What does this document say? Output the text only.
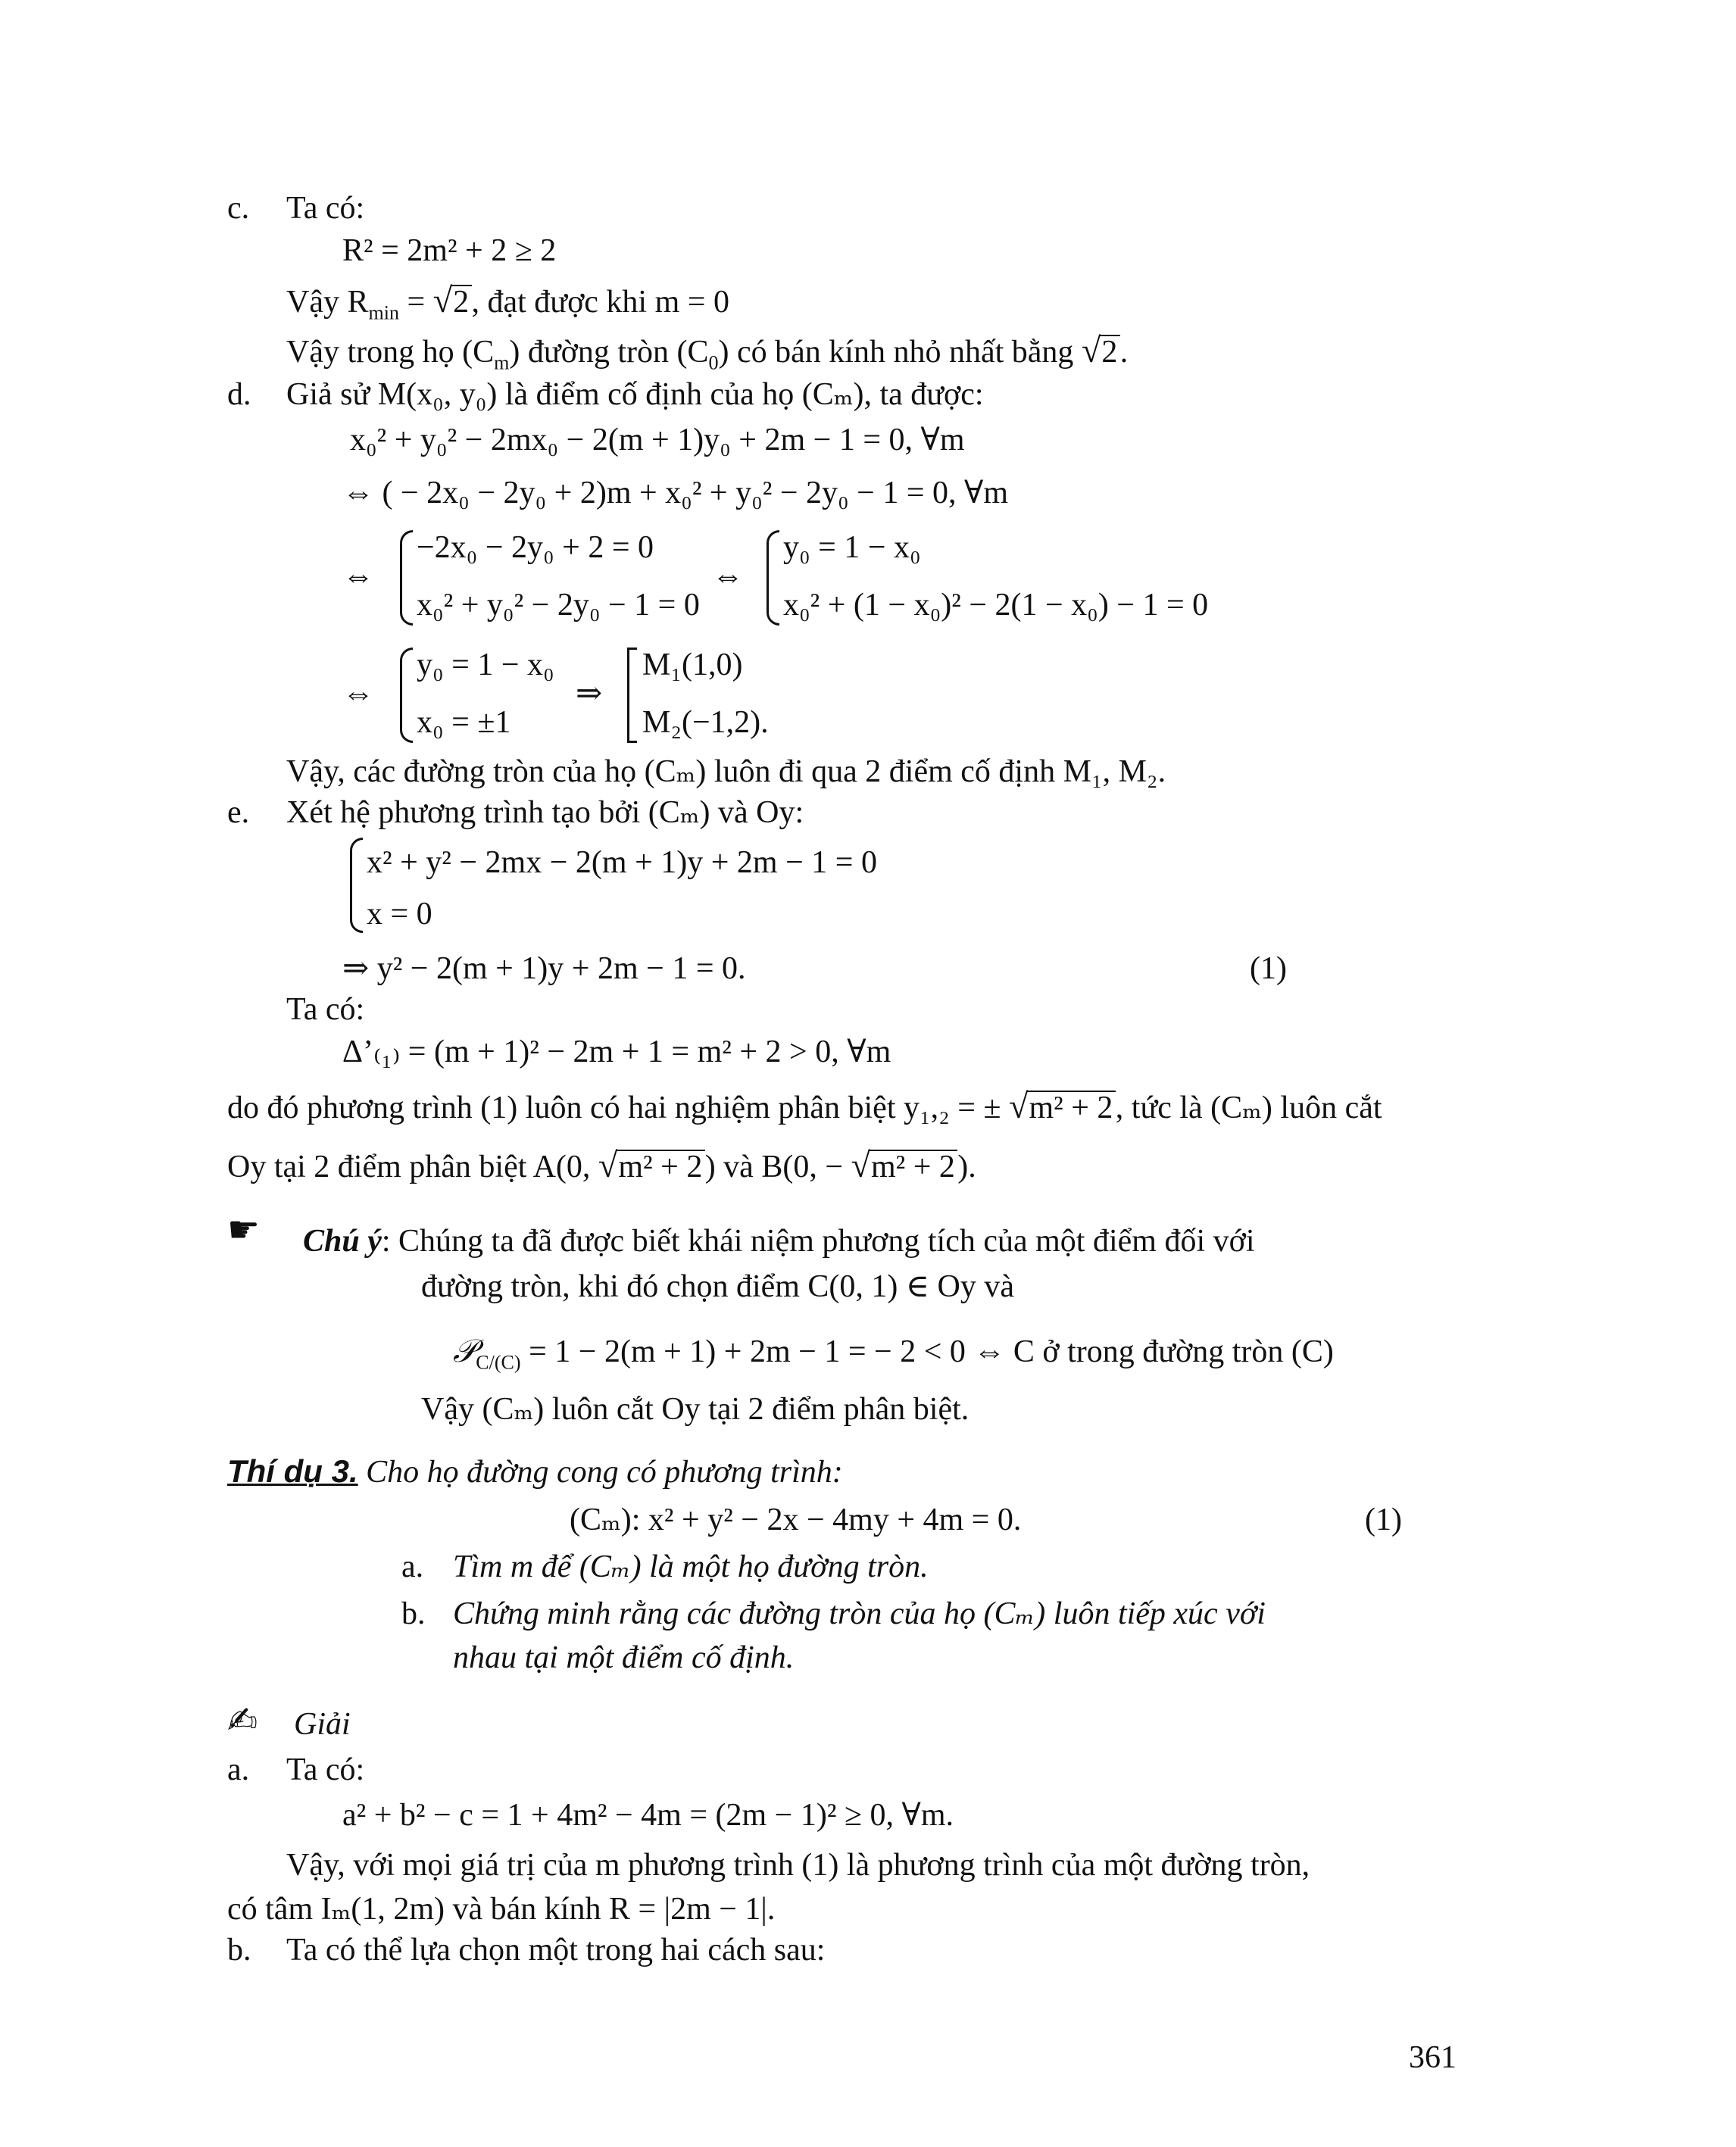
c. Ta có:
R² = 2m² + 2 ≥ 2
Vậy $R_{min}$ = √ 2, đạt được khi m = 0
Vậy trong họ $(C_m)$ đường tròn $(C_0)$ có bán kính nhỏ nhất bằng √ 2.
d. Giả sử M(x₀, y₀) là điểm cố định của họ (Cₘ), ta được:
x₀² + y₀² − 2mx₀ − 2(m + 1)y₀ + 2m − 1 = 0, ∀m
⇔ ( − 2x₀ − 2y₀ + 2)m + x₀² + y₀² − 2y₀ − 1 = 0, ∀m
⇔
−2x₀ − 2y₀ + 2 = 0
x₀² + y₀² − 2y₀ − 1 = 0
⇔
y₀ = 1 − x₀
x₀² + (1 − x₀)² − 2(1 − x₀) − 1 = 0
⇔
y₀ = 1 − x₀
x₀ = ±1
⇒
M₁(1,0)
M₂(−1,2).
Vậy, các đường tròn của họ (Cₘ) luôn đi qua 2 điểm cố định M₁, M₂.
e. Xét hệ phương trình tạo bởi (Cₘ) và Oy:
x² + y² − 2mx − 2(m + 1)y + 2m − 1 = 0
x = 0
⇒ y² − 2(m + 1)y + 2m − 1 = 0.	(1)
Ta có:
Δ’₍₁₎ = (m + 1)² − 2m + 1 = m² + 2 > 0, ∀m
do đó phương trình (1) luôn có hai nghiệm phân biệt y₁,₂ = ± √ m² + 2, tức là (Cₘ) luôn cắt
Oy tại 2 điểm phân biệt A(0, √ m² + 2) và B(0, − √ m² + 2).
☛ Chú ý: Chúng ta đã được biết khái niệm phương tích của một điểm đối với
đường tròn, khi đó chọn điểm C(0, 1) ∈ Oy và
𝒫$_{C/(C)}$ = 1 − 2(m + 1) + 2m − 1 = − 2 < 0 ⇔ C ở trong đường tròn (C)
Vậy (Cₘ) luôn cắt Oy tại 2 điểm phân biệt.
Thí dụ 3. Cho họ đường cong có phương trình:
(Cₘ): x² + y² − 2x − 4my + 4m = 0.	(1)
a. Tìm m để (Cₘ) là một họ đường tròn.
b. Chứng minh rằng các đường tròn của họ (Cₘ) luôn tiếp xúc với
nhau tại một điểm cố định.
✍ Giải
a. Ta có:
a² + b² − c = 1 + 4m² − 4m = (2m − 1)² ≥ 0, ∀m.
Vậy, với mọi giá trị của m phương trình (1) là phương trình của một đường tròn,
có tâm Iₘ(1, 2m) và bán kính R = |2m − 1|.
b. Ta có thể lựa chọn một trong hai cách sau:
361
